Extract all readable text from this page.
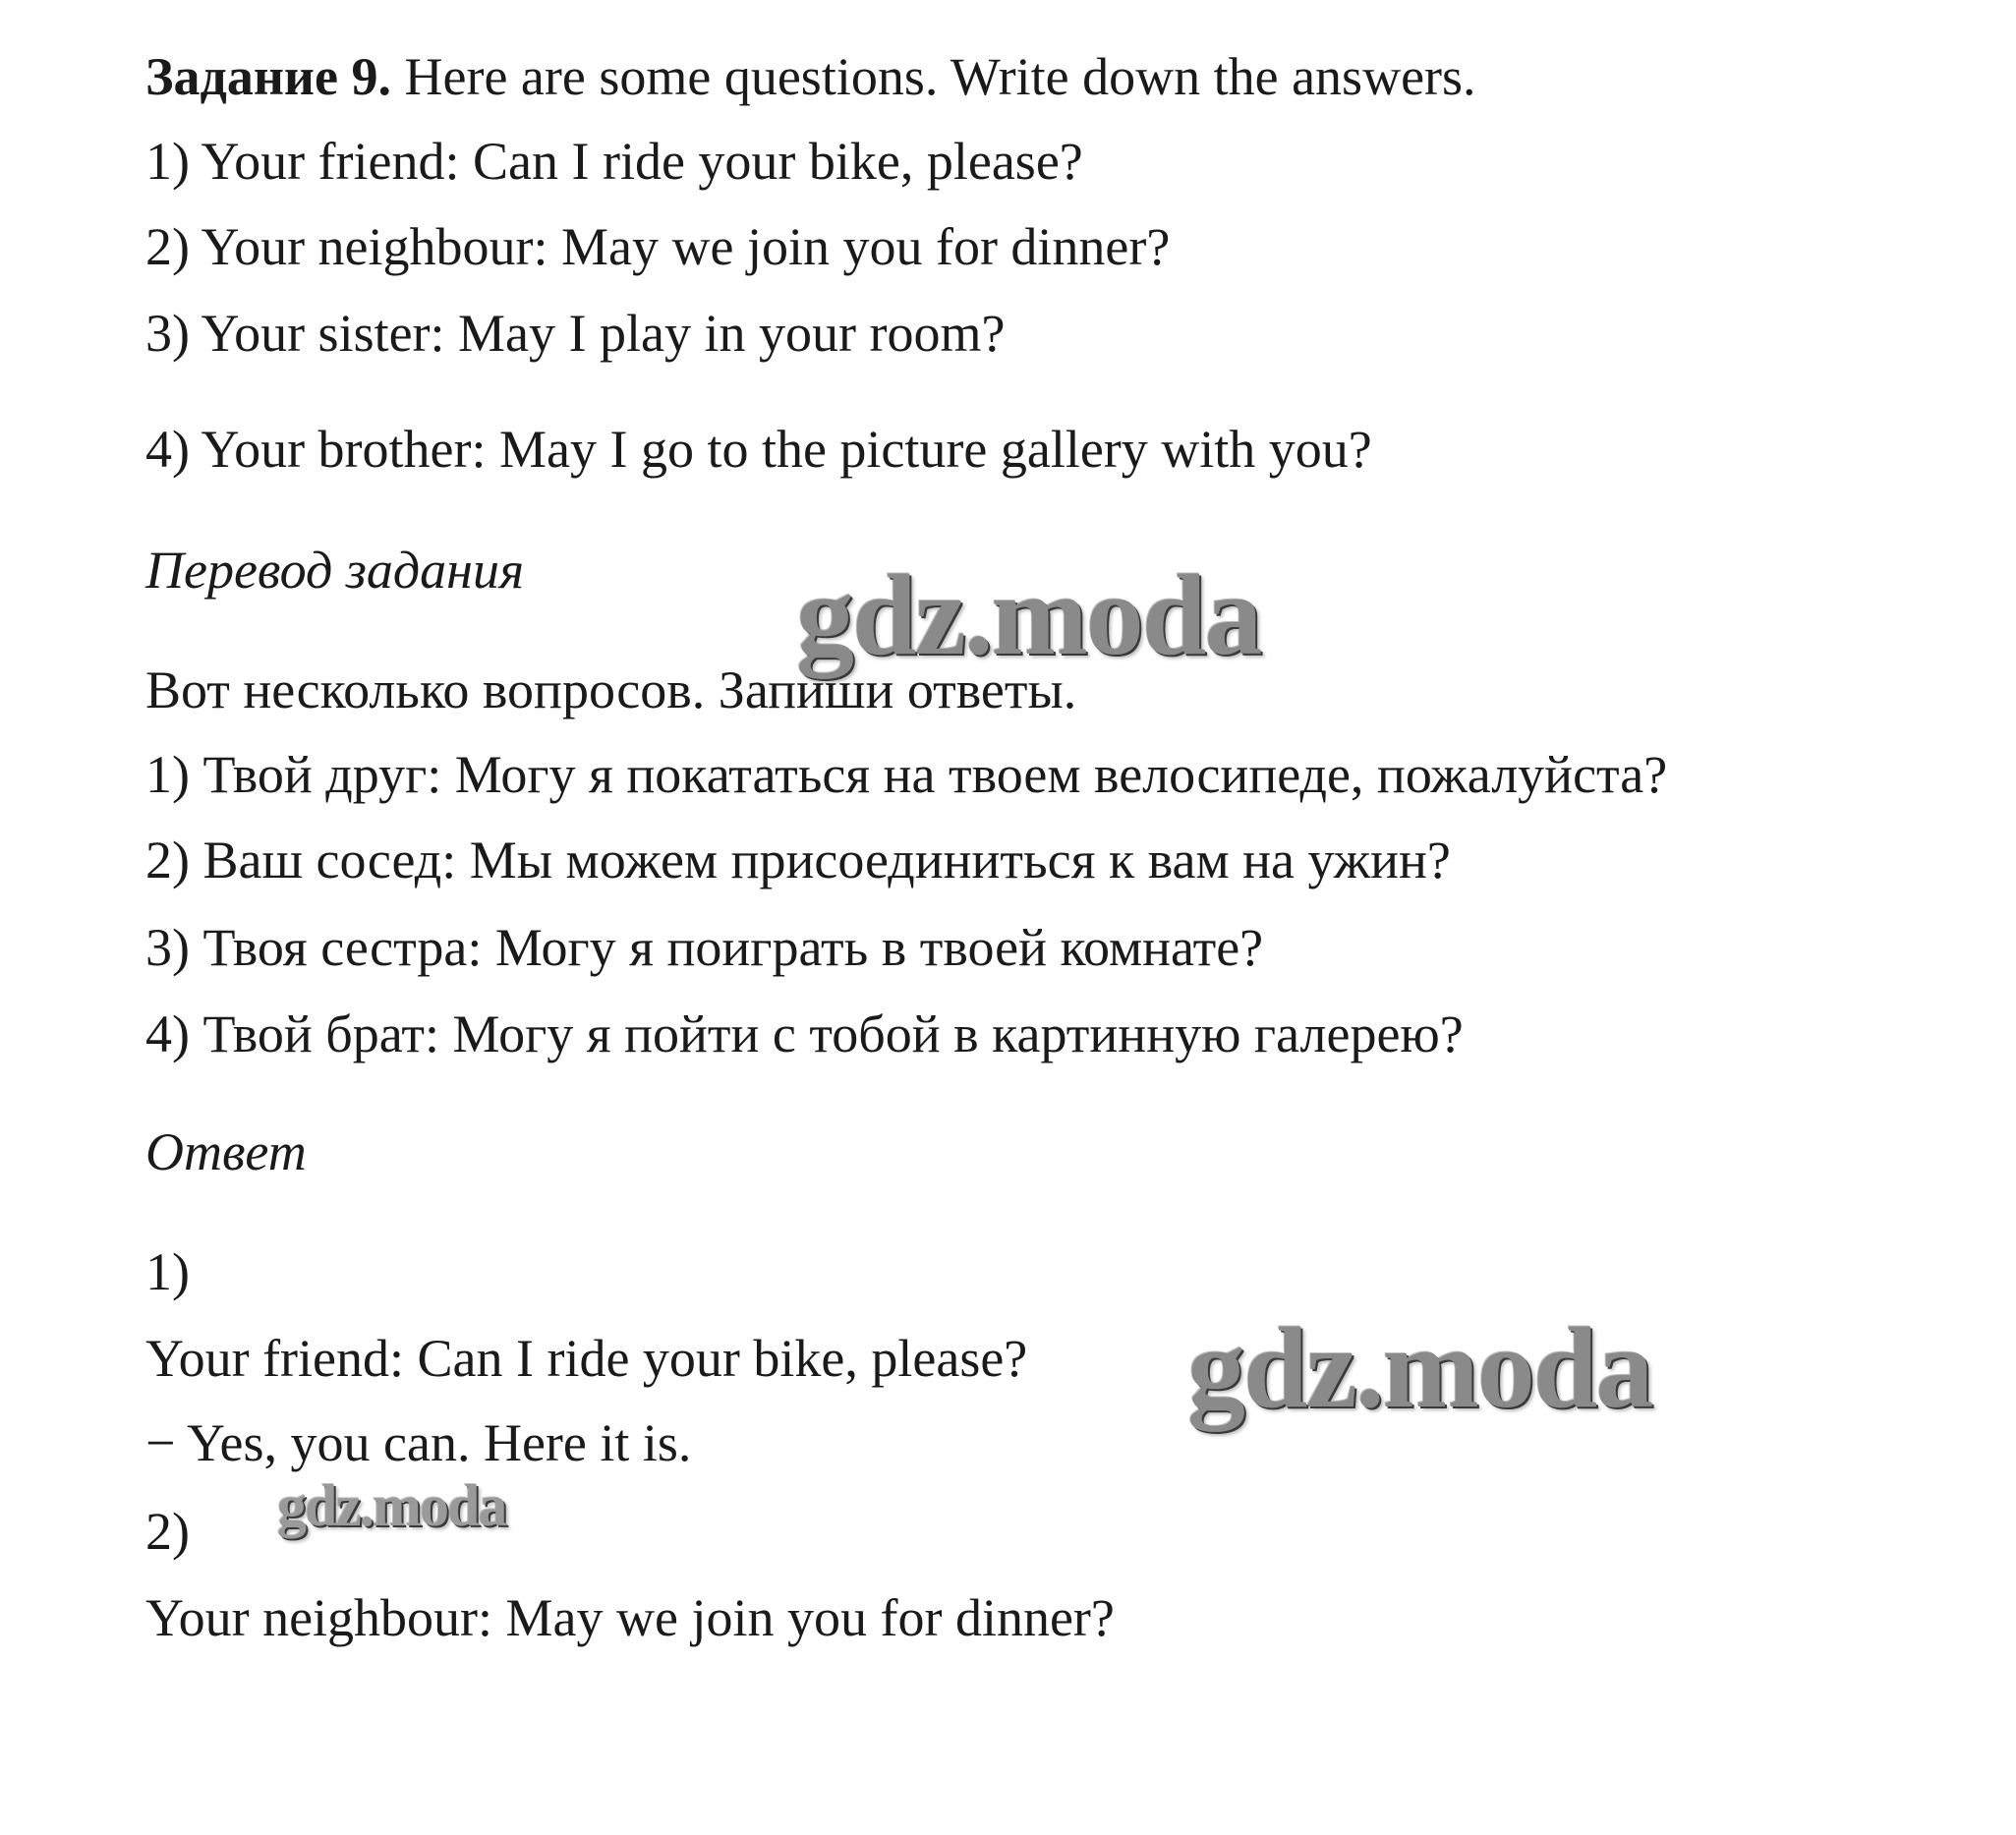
Задание 9. Here are some questions. Write down the answers.
1) Your friend: Can I ride your bike, please?
2) Your neighbour: May we join you for dinner?
3) Your sister: May I play in your room?
4) Your brother: May I go to the picture gallery with you?
Перевод задания
Вот несколько вопросов. Запиши ответы.
1) Твой друг: Могу я покататься на твоем велосипеде, пожалуйста?
2) Ваш сосед: Мы можем присоединиться к вам на ужин?
3) Твоя сестра: Могу я поиграть в твоей комнате?
4) Твой брат: Могу я пойти с тобой в картинную галерею?
Ответ
1)
Your friend: Can I ride your bike, please?
− Yes, you can. Here it is.
2)
Your neighbour: May we join you for dinner?
gdz.moda
gdz.moda
gdz.moda
